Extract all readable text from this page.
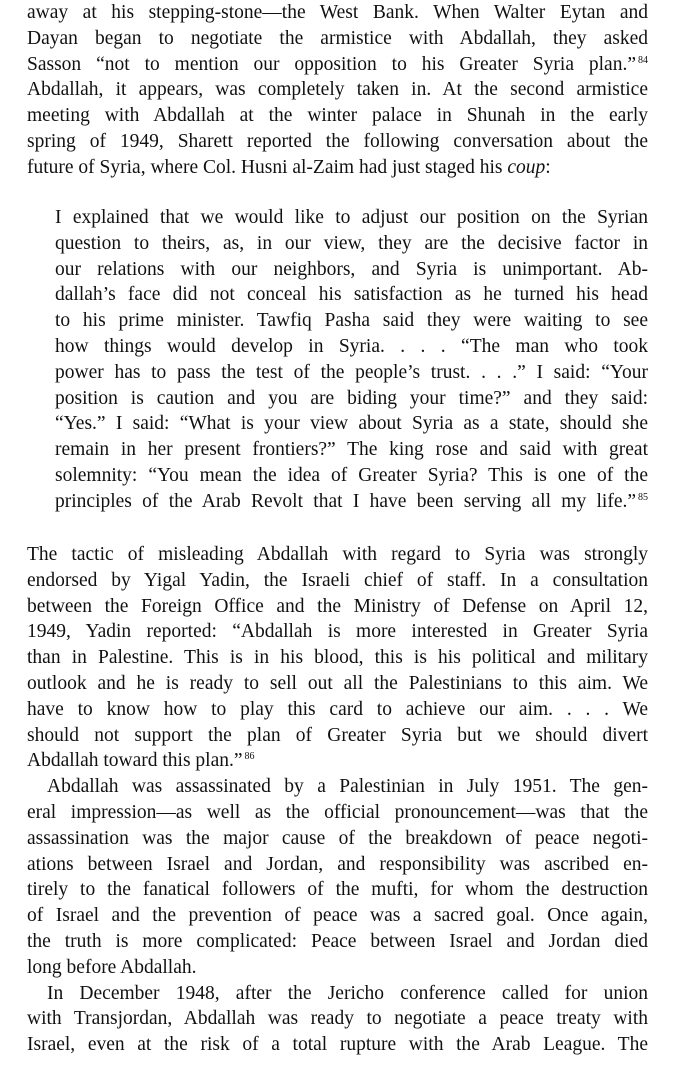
away at his stepping-stone—the West Bank. When Walter Eytan and
Dayan began to negotiate the armistice with Abdallah, they asked
Sasson “not to mention our opposition to his Greater Syria plan.” $^{84}$
Abdallah, it appears, was completely taken in. At the second armistice
meeting with Abdallah at the winter palace in Shunah in the early
spring of 1949, Sharett reported the following conversation about the
future of Syria, where Col. Husni al-Zaim had just staged his coup:
I explained that we would like to adjust our position on the Syrian
question to theirs, as, in our view, they are the decisive factor in
our relations with our neighbors, and Syria is unimportant. Ab-
dallah’s face did not conceal his satisfaction as he turned his head
to his prime minister. Tawfiq Pasha said they were waiting to see
how things would develop in Syria. . . . “The man who took
power has to pass the test of the people’s trust. . . .” I said: “Your
position is caution and you are biding your time?” and they said:
“Yes.” I said: “What is your view about Syria as a state, should she
remain in her present frontiers?” The king rose and said with great
solemnity: “You mean the idea of Greater Syria? This is one of the
principles of the Arab Revolt that I have been serving all my life.” $^{85}$
The tactic of misleading Abdallah with regard to Syria was strongly
endorsed by Yigal Yadin, the Israeli chief of staff. In a consultation
between the Foreign Office and the Ministry of Defense on April 12,
1949, Yadin reported: “Abdallah is more interested in Greater Syria
than in Palestine. This is in his blood, this is his political and military
outlook and he is ready to sell out all the Palestinians to this aim. We
have to know how to play this card to achieve our aim. . . . We
should not support the plan of Greater Syria but we should divert
Abdallah toward this plan.” $^{86}$
Abdallah was assassinated by a Palestinian in July 1951. The gen-
eral impression—as well as the official pronouncement—was that the
assassination was the major cause of the breakdown of peace negoti-
ations between Israel and Jordan, and responsibility was ascribed en-
tirely to the fanatical followers of the mufti, for whom the destruction
of Israel and the prevention of peace was a sacred goal. Once again,
the truth is more complicated: Peace between Israel and Jordan died
long before Abdallah.
In December 1948, after the Jericho conference called for union
with Transjordan, Abdallah was ready to negotiate a peace treaty with
Israel, even at the risk of a total rupture with the Arab League. The
